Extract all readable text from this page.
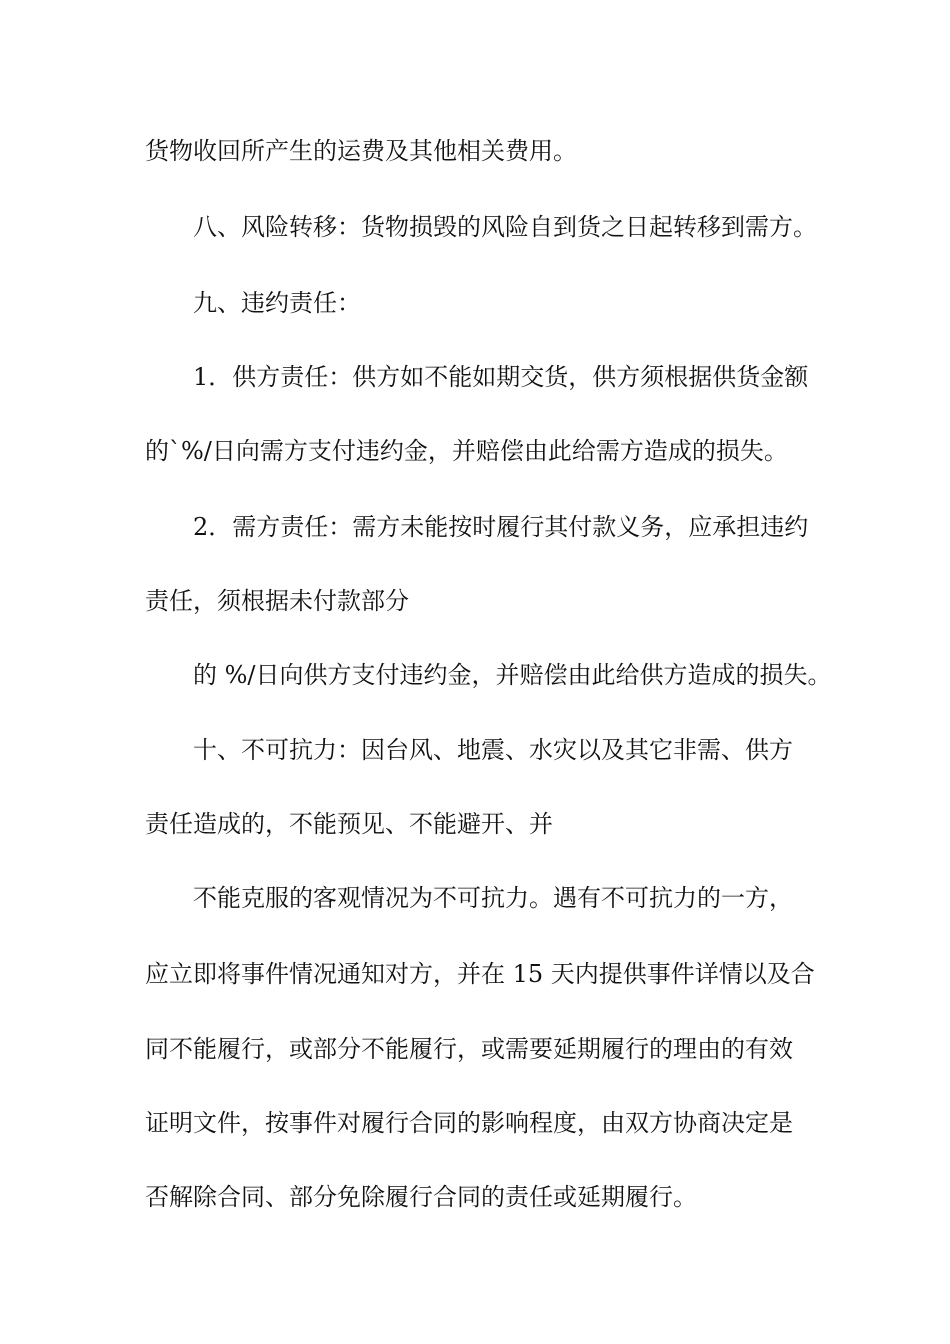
货物收回所产生的运费及其他相关费用。
八、风险转移：货物损毁的风险自到货之日起转移到需方。
九、违约责任：
1．供方责任：供方如不能如期交货，供方须根据供货金额
的`%/日向需方支付违约金，并赔偿由此给需方造成的损失。
2．需方责任：需方未能按时履行其付款义务，应承担违约
责任，须根据未付款部分
的 %/日向供方支付违约金，并赔偿由此给供方造成的损失。
十、不可抗力：因台风、地震、水灾以及其它非需、供方
责任造成的，不能预见、不能避开、并
不能克服的客观情况为不可抗力。遇有不可抗力的一方，
应立即将事件情况通知对方，并在 15 天内提供事件详情以及合
同不能履行，或部分不能履行，或需要延期履行的理由的有效
证明文件，按事件对履行合同的影响程度，由双方协商决定是
否解除合同、部分免除履行合同的责任或延期履行。
